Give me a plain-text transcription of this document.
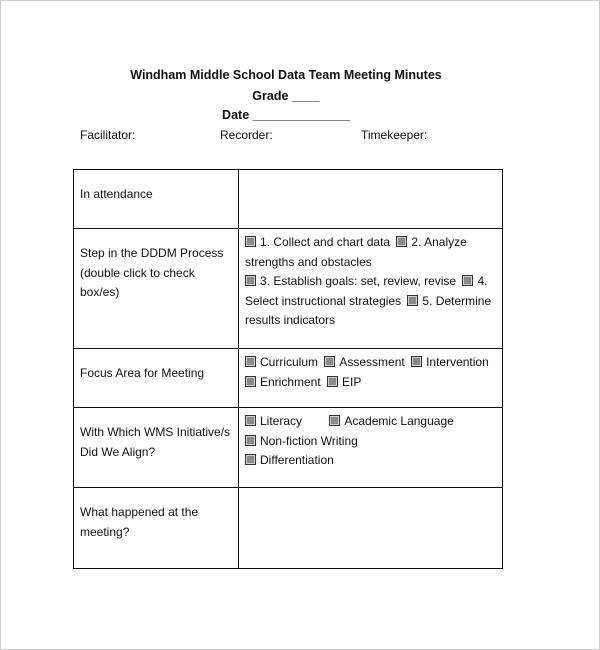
Windham Middle School Data Team Meeting Minutes
Grade ____
Date ______________
Facilitator:	Recorder:	Timekeeper:
In attendance	

Step in the DDDM Process
(double click to check box/es)	1. Collect and chart data 2. Analyze
strengths and obstacles
3. Establish goals: set, review, revise 4.
Select instructional strategies 5. Determine
results indicators

Focus Area for Meeting	Curriculum Assessment Intervention
Enrichment EIP

With Which WMS Initiative/s
Did We Align?	Literacy Academic Language
Non-fiction Writing
Differentiation

What happened at the
meeting?	
